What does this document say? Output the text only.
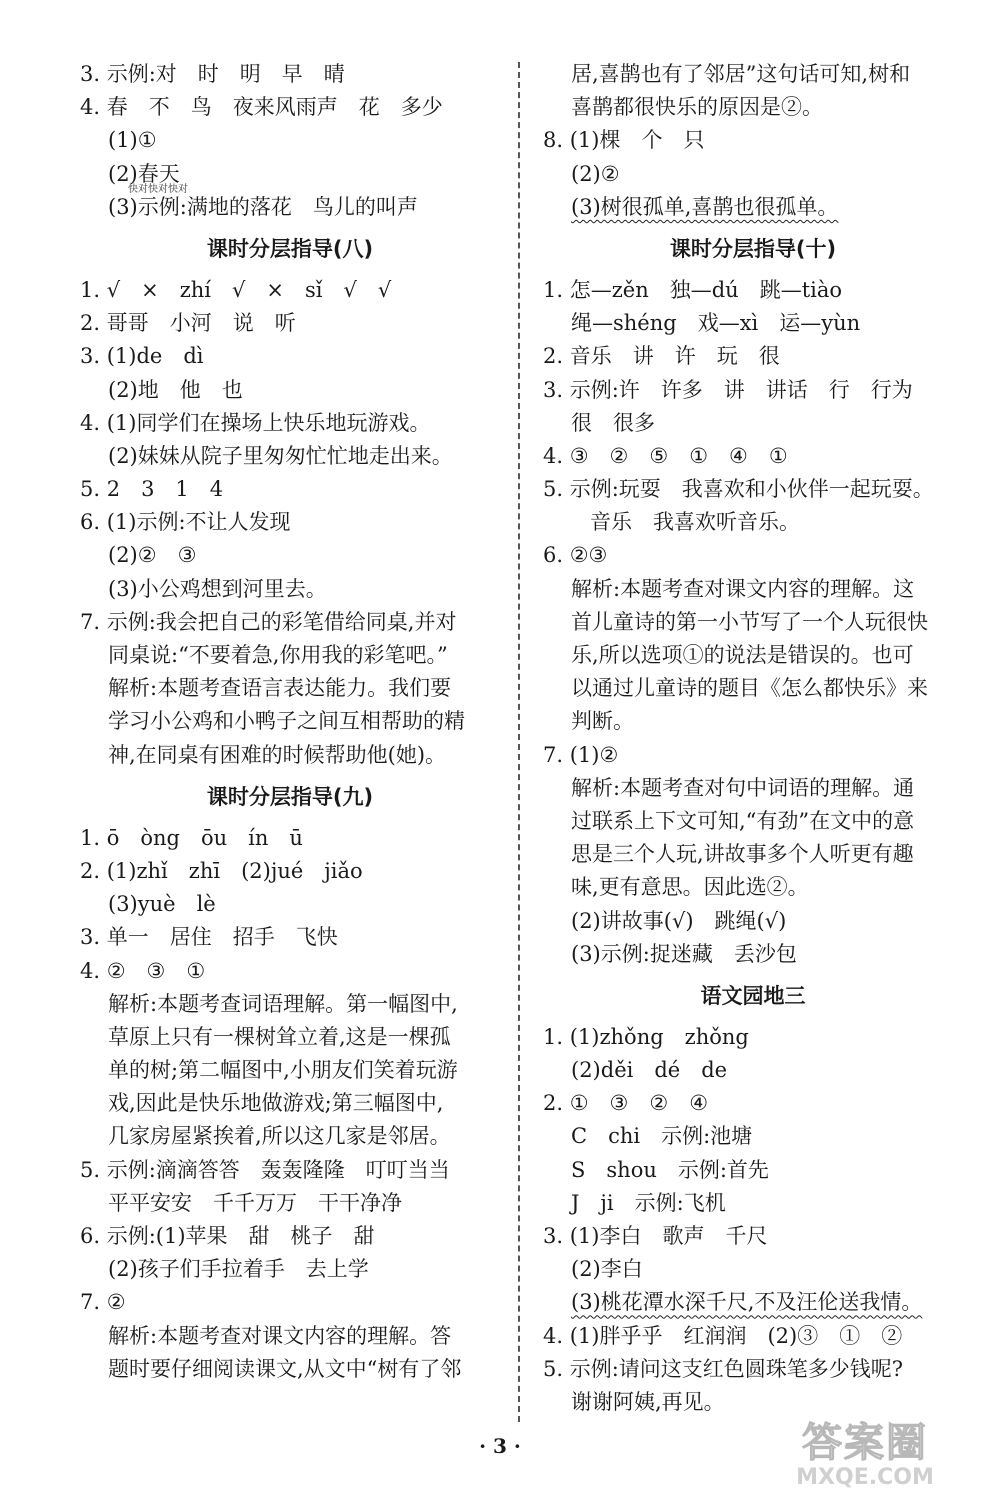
快对快对快对
3. 示例:对　时　明　早　晴
4. 春　不　鸟　夜来风雨声　花　多少
(1)①
(2)春天
(3)示例:满地的落花　鸟儿的叫声
课时分层指导(八)
1. √　×　zhí　√　×　sǐ　√　√
2. 哥哥　小河　说　听
3. (1)de　dì
(2)地　他　也
4. (1)同学们在操场上快乐地玩游戏。
(2)妹妹从院子里匆匆忙忙地走出来。
5. 2　3　1　4
6. (1)示例:不让人发现
(2)②　③
(3)小公鸡想到河里去。
7. 示例:我会把自己的彩笔借给同桌,并对
同桌说:“不要着急,你用我的彩笔吧。”
解析:本题考查语言表达能力。我们要
学习小公鸡和小鸭子之间互相帮助的精
神,在同桌有困难的时候帮助他(她)。
课时分层指导(九)
1. ō　òng　ōu　ín　ū
2. (1)zhǐ　zhī　(2)jué　jiǎo
(3)yuè　lè
3. 单一　居住　招手　飞快
4. ②　③　①
解析:本题考查词语理解。第一幅图中,
草原上只有一棵树耸立着,这是一棵孤
单的树;第二幅图中,小朋友们笑着玩游
戏,因此是快乐地做游戏;第三幅图中,
几家房屋紧挨着,所以这几家是邻居。
5. 示例:滴滴答答　轰轰隆隆　叮叮当当
平平安安　千千万万　干干净净
6. 示例:(1)苹果　甜　桃子　甜
(2)孩子们手拉着手　去上学
7. ②
解析:本题考查对课文内容的理解。答
题时要仔细阅读课文,从文中“树有了邻
居,喜鹊也有了邻居”这句话可知,树和
喜鹊都很快乐的原因是②。
8. (1)棵　个　只
(2)②
(3)树很孤单,喜鹊也很孤单。
课时分层指导(十)
1. 怎—zěn　独—dú　跳—tiào
绳—shéng　戏—xì　运—yùn
2. 音乐　讲　许　玩　很
3. 示例:许　许多　讲　讲话　行　行为
很　很多
4. ③　②　⑤　①　④　①
5. 示例:玩耍　我喜欢和小伙伴一起玩耍。
音乐　我喜欢听音乐。
6. ②③
解析:本题考查对课文内容的理解。这
首儿童诗的第一小节写了一个人玩很快
乐,所以选项①的说法是错误的。也可
以通过儿童诗的题目《怎么都快乐》来
判断。
7. (1)②
解析:本题考查对句中词语的理解。通
过联系上下文可知,“有劲”在文中的意
思是三个人玩,讲故事多个人听更有趣
味,更有意思。因此选②。
(2)讲故事(√)　跳绳(√)
(3)示例:捉迷藏　丢沙包
语文园地三
1. (1)zhǒng　zhǒng
(2)děi　dé　de
2. ①　③　②　④
C　chi　示例:池塘
S　shou　示例:首先
J　ji　示例:飞机
3. (1)李白　歌声　千尺
(2)李白
(3)桃花潭水深千尺,不及汪伦送我情。
4. (1)胖乎乎　红润润　(2)③　①　②
5. 示例:请问这支红色圆珠笔多少钱呢?
谢谢阿姨,再见。
· 3 ·	答案圈
MXQE.COM
